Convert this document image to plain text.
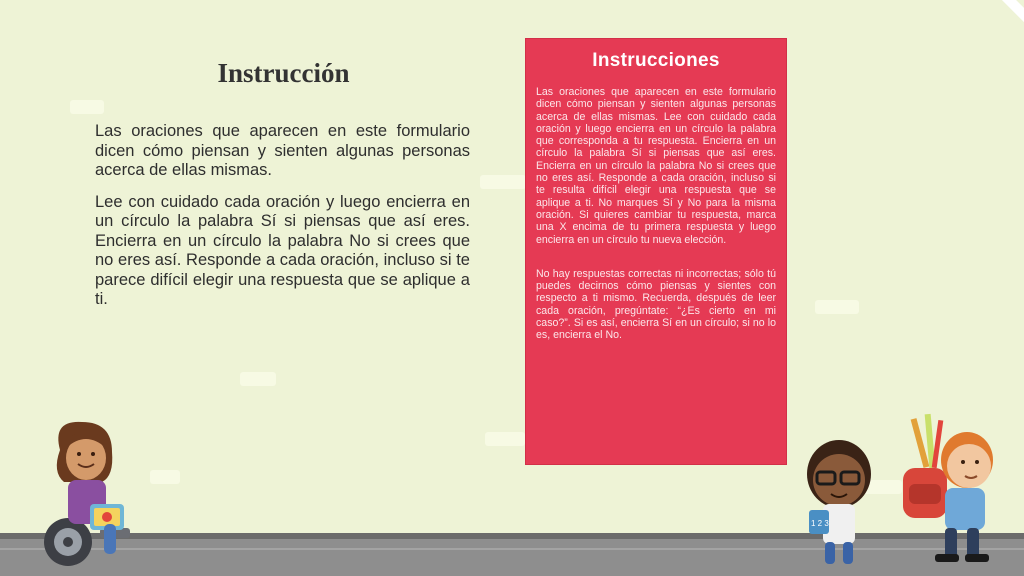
Instrucción

Las oraciones que aparecen en este formulario dicen cómo piensan y sienten algunas personas acerca de ellas mismas.

Lee con cuidado cada oración y luego encierra en un círculo la palabra Sí si piensas que así eres. Encierra en un círculo la palabra No si crees que no eres así. Responde a cada oración, incluso si te parece difícil elegir una respuesta que se aplique a ti.

Instrucciones

Las oraciones que aparecen en este formulario dicen cómo piensan y sienten algunas personas acerca de ellas mismas. Lee con cuidado cada oración y luego encierra en un círculo la palabra que corresponda a tu respuesta. Encierra en un círculo la palabra Sí si piensas que así eres. Encierra en un círculo la palabra No si crees que no eres así. Responde a cada oración, incluso si te resulta difícil elegir una respuesta que se aplique a ti. No marques Sí y No para la misma oración. Si quieres cambiar tu respuesta, marca una X encima de tu primera respuesta y luego encierra en un círculo tu nueva elección.

No hay respuestas correctas ni incorrectas; sólo tú puedes decirnos cómo piensas y sientes con respecto a ti mismo. Recuerda, después de leer cada oración, pregúntate: “¿Es cierto en mi caso?”. Si es así, encierra Sí en un círculo; si no lo es, encierra el No.

1 2 3
